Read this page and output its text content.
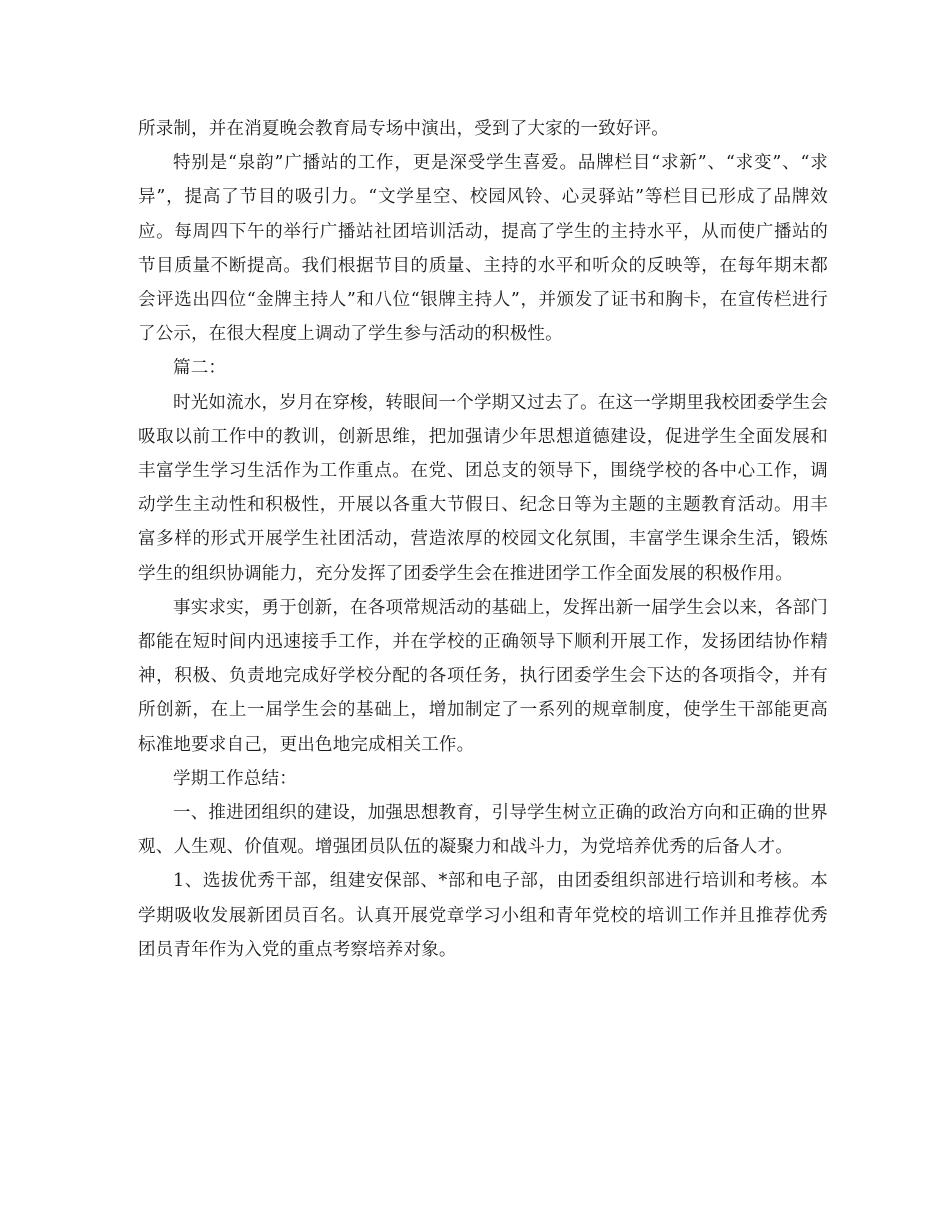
所录制，并在消夏晚会教育局专场中演出，受到了大家的一致好评。

特别是“泉韵”广播站的工作，更是深受学生喜爱。品牌栏目“求新”、“求变”、“求异”，提高了节目的吸引力。“文学星空、校园风铃、心灵驿站”等栏目已形成了品牌效应。每周四下午的举行广播站社团培训活动，提高了学生的主持水平，从而使广播站的节目质量不断提高。我们根据节目的质量、主持的水平和听众的反映等，在每年期末都会评选出四位“金牌主持人”和八位“银牌主持人”，并颁发了证书和胸卡，在宣传栏进行了公示，在很大程度上调动了学生参与活动的积极性。

篇二：

时光如流水，岁月在穿梭，转眼间一个学期又过去了。在这一学期里我校团委学生会吸取以前工作中的教训，创新思维，把加强请少年思想道德建设，促进学生全面发展和丰富学生学习生活作为工作重点。在党、团总支的领导下，围绕学校的各中心工作，调动学生主动性和积极性，开展以各重大节假日、纪念日等为主题的主题教育活动。用丰富多样的形式开展学生社团活动，营造浓厚的校园文化氛围，丰富学生课余生活，锻炼学生的组织协调能力，充分发挥了团委学生会在推进团学工作全面发展的积极作用。

事实求实，勇于创新，在各项常规活动的基础上，发挥出新一届学生会以来，各部门都能在短时间内迅速接手工作，并在学校的正确领导下顺利开展工作，发扬团结协作精神，积极、负责地完成好学校分配的各项任务，执行团委学生会下达的各项指令，并有所创新，在上一届学生会的基础上，增加制定了一系列的规章制度，使学生干部能更高标准地要求自己，更出色地完成相关工作。

学期工作总结：

一、推进团组织的建设，加强思想教育，引导学生树立正确的政治方向和正确的世界观、人生观、价值观。增强团员队伍的凝聚力和战斗力，为党培养优秀的后备人才。

1、选拔优秀干部，组建安保部、*部和电子部，由团委组织部进行培训和考核。本学期吸收发展新团员百名。认真开展党章学习小组和青年党校的培训工作并且推荐优秀团员青年作为入党的重点考察培养对象。
